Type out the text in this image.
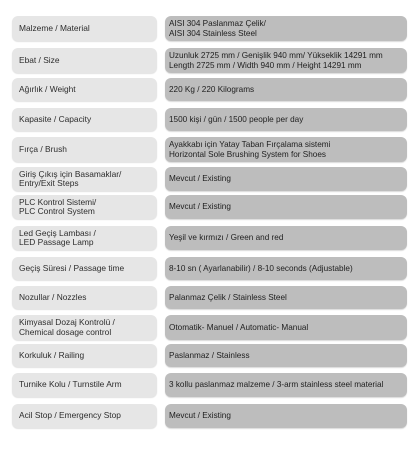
Malzeme / Material	AISI 304 Paslanmaz Çelik/
AISI 304 Stainless Steel
Ebat / Size	Uzunluk 2725 mm / Genişlik 940 mm/ Yükseklik 14291 mm
Length 2725 mm / Width 940 mm / Height 14291 mm
Ağırlık / Weight	220 Kg / 220 Kilograms
Kapasite / Capacity	1500 kişi / gün / 1500 people per day
Fırça / Brush	Ayakkabı için Yatay Taban Fırçalama sistemi
Horizontal Sole Brushing System for Shoes
Giriş Çıkış için Basamaklar/
Entry/Exit Steps	Mevcut / Existing
PLC Kontrol Sistemi/
PLC Control System	Mevcut / Existing
Led Geçiş Lambası /
LED Passage Lamp	Yeşil ve kırmızı / Green and red
Geçiş Süresi / Passage time	8-10 sn ( Ayarlanabilir) / 8-10 seconds (Adjustable)
Nozullar / Nozzles	Palanmaz Çelik / Stainless Steel
Kimyasal Dozaj Kontrolü /
Chemical dosage control	Otomatik- Manuel / Automatic- Manual
Korkuluk / Railing	Paslanmaz / Stainless
Turnike Kolu / Turnstile Arm	3 kollu paslanmaz malzeme / 3-arm stainless steel material
Acil Stop / Emergency Stop	Mevcut / Existing
